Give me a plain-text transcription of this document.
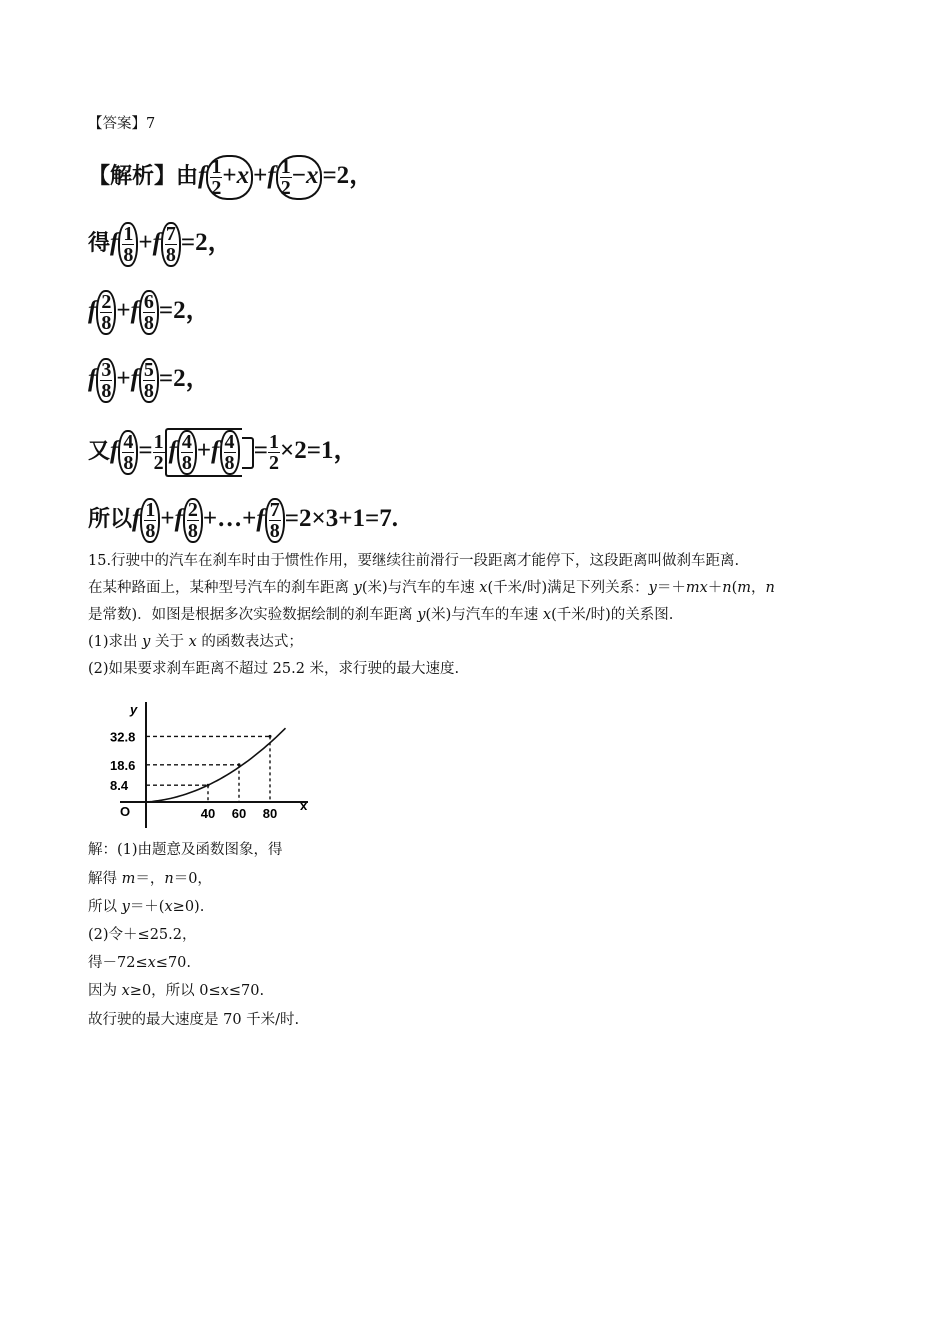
【答案】7
【解析】由f $\frac{1}{2} +x +f \frac{1}{2} -x =2$，
得f $\frac{1}{8} +f \frac{7}{8} =2$，
f $\frac{2}{8} +f \frac{6}{8} =2$，
f $\frac{3}{8} +f \frac{5}{8} =2$，
又f $\frac{4}{8} = \frac{1}{2}$ f $\frac{4}{8} +f \frac{4}{8} = \frac{1}{2} \times 2=1$，
所以f $\frac{1}{8} +f \frac{2}{8}$ +…+f $\frac{7}{8} =2\times 3+1=7$.
15.行驶中的汽车在刹车时由于惯性作用，要继续往前滑行一段距离才能停下，这段距离叫做刹车距离.
在某种路面上，某种型号汽车的刹车距离 y(米)与汽车的车速 x(千米/时)满足下列关系：y＝＋mx＋n(m，n
是常数)．如图是根据多次实验数据绘制的刹车距离 y(米)与汽车的车速 x(千米/时)的关系图.
(1)求出 y 关于 x 的函数表达式；
(2)如果要求刹车距离不超过 25.2 米，求行驶的最大速度.
y
x
O
32.8
18.6
8.4
40 60 80
解：(1)由题意及函数图象，得
解得 m＝，n＝0，
所以 y＝＋(x≥0).
(2)令＋≤25.2，
得－72≤x≤70.
因为 x≥0，所以 0≤x≤70.
故行驶的最大速度是 70 千米/时.
